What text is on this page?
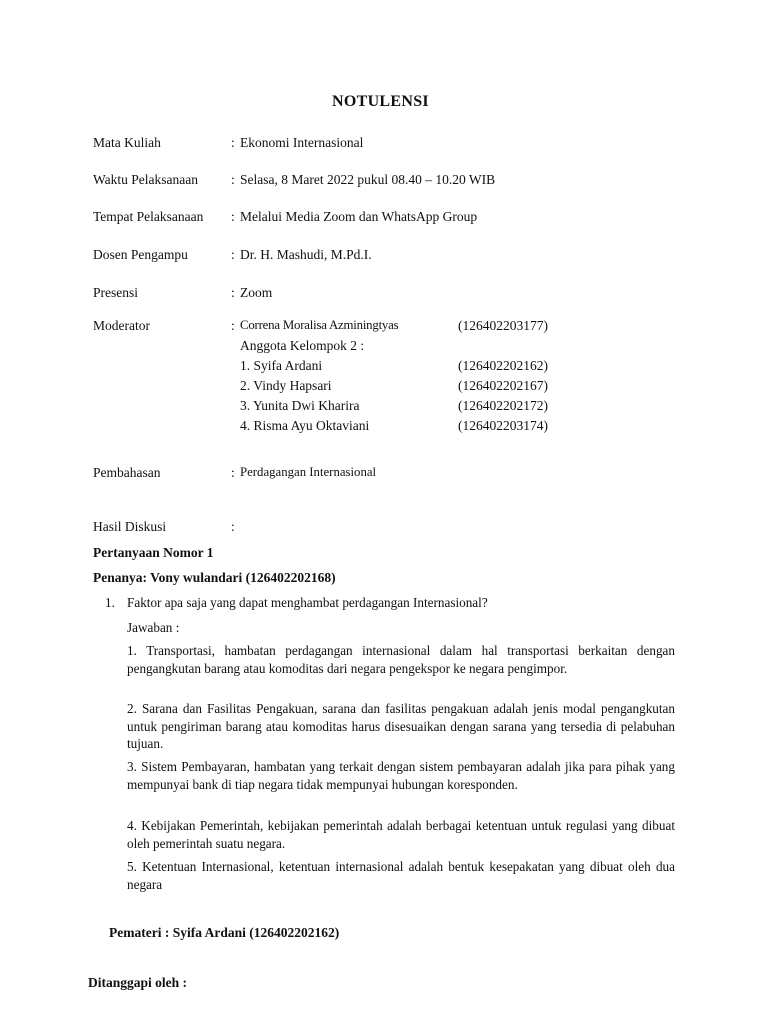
NOTULENSI
Mata Kuliah	: Ekonomi Internasional
Waktu Pelaksanaan : Selasa, 8 Maret 2022 pukul 08.40 – 10.20 WIB
Tempat Pelaksanaan : Melalui Media Zoom dan WhatsApp Group
Dosen Pengampu	: Dr. H. Mashudi, M.Pd.I.
Presensi	: Zoom
Moderator	: Correna Moralisa Azminingtyas	(126402203177)
Anggota Kelompok 2 :
1. Syifa Ardani	(126402202162)
2. Vindy Hapsari	(126402202167)
3. Yunita Dwi Kharira	(126402202172)
4. Risma Ayu Oktaviani	(126402203174)
Pembahasan	: Perdagangan Internasional
Hasil Diskusi	:
Pertanyaan Nomor 1
Penanya: Vony wulandari (126402202168)
1. Faktor apa saja yang dapat menghambat perdagangan Internasional?
Jawaban :
1. Transportasi, hambatan perdagangan internasional dalam hal transportasi berkaitan dengan pengangkutan barang atau komoditas dari negara pengekspor ke negara pengimpor.
2. Sarana dan Fasilitas Pengakuan, sarana dan fasilitas pengakuan adalah jenis modal pengangkutan untuk pengiriman barang atau komoditas harus disesuaikan dengan sarana yang tersedia di pelabuhan tujuan.
3. Sistem Pembayaran, hambatan yang terkait dengan sistem pembayaran adalah jika para pihak yang mempunyai bank di tiap negara tidak mempunyai hubungan koresponden.
4. Kebijakan Pemerintah, kebijakan pemerintah adalah berbagai ketentuan untuk regulasi yang dibuat oleh pemerintah suatu negara.
5. Ketentuan Internasional, ketentuan internasional adalah bentuk kesepakatan yang dibuat oleh dua negara
Pemateri : Syifa Ardani (126402202162)
Ditanggapi oleh :
